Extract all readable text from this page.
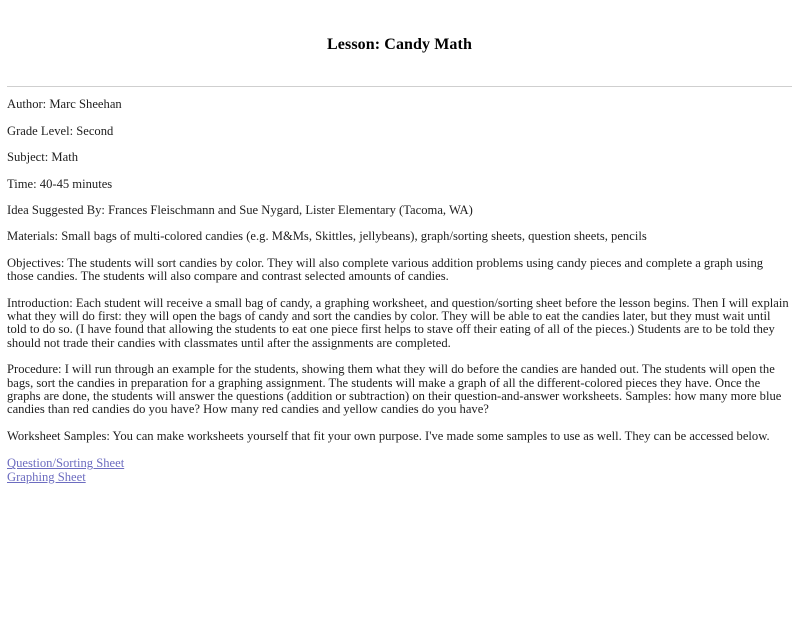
Lesson: Candy Math

Author: Marc Sheehan

Grade Level: Second

Subject: Math

Time: 40-45 minutes

Idea Suggested By: Frances Fleischmann and Sue Nygard, Lister Elementary (Tacoma, WA)

Materials: Small bags of multi-colored candies (e.g. M&Ms, Skittles, jellybeans), graph/sorting sheets, question sheets, pencils

Objectives: The students will sort candies by color. They will also complete various addition problems using candy pieces and complete a graph using those candies. The students will also compare and contrast selected amounts of candies.

Introduction: Each student will receive a small bag of candy, a graphing worksheet, and question/sorting sheet before the lesson begins. Then I will explain what they will do first: they will open the bags of candy and sort the candies by color. They will be able to eat the candies later, but they must wait until told to do so. (I have found that allowing the students to eat one piece first helps to stave off their eating of all of the pieces.) Students are to be told they should not trade their candies with classmates until after the assignments are completed.

Procedure: I will run through an example for the students, showing them what they will do before the candies are handed out. The students will open the bags, sort the candies in preparation for a graphing assignment. The students will make a graph of all the different-colored pieces they have. Once the graphs are done, the students will answer the questions (addition or subtraction) on their question-and-answer worksheets. Samples: how many more blue candies than red candies do you have? How many red candies and yellow candies do you have?

Worksheet Samples: You can make worksheets yourself that fit your own purpose. I've made some samples to use as well. They can be accessed below.

Question/Sorting Sheet
Graphing Sheet
